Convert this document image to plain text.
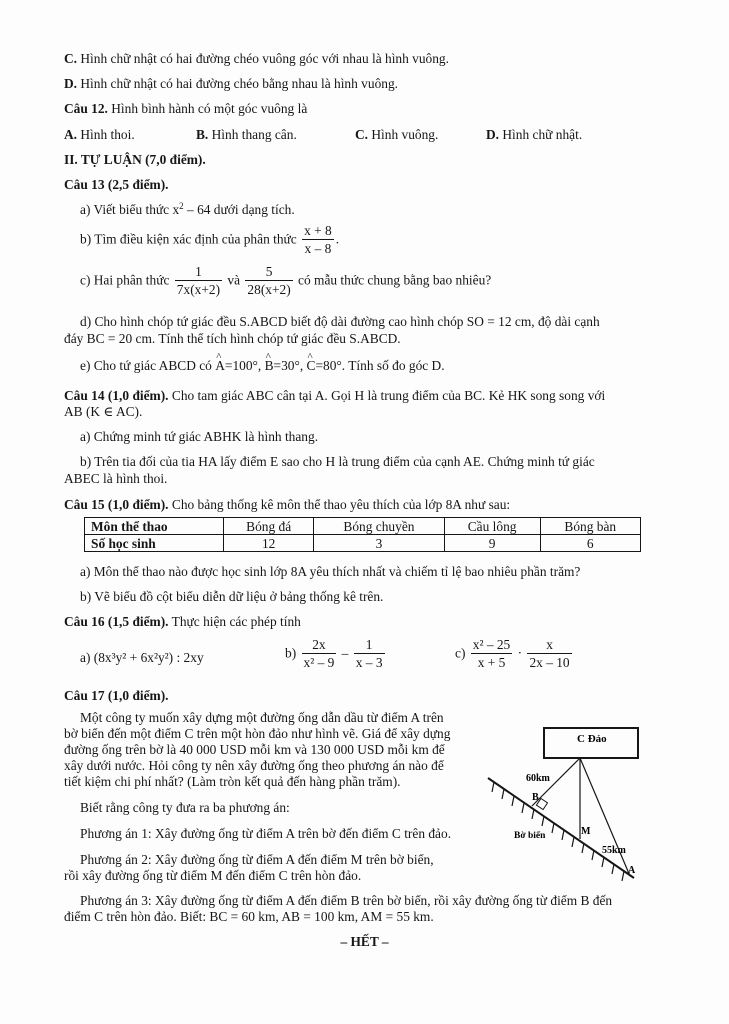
C. Hình chữ nhật có hai đường chéo vuông góc với nhau là hình vuông.
D. Hình chữ nhật có hai đường chéo bằng nhau là hình vuông.
Câu 12. Hình bình hành có một góc vuông là
A. Hình thoi.	B. Hình thang cân.	C. Hình vuông.	D. Hình chữ nhật.
II. TỰ LUẬN (7,0 điểm).
Câu 13 (2,5 điểm).
a) Viết biểu thức $x^2 - 64$ dưới dạng tích.
b) Tìm điều kiện xác định của phân thức $\frac{x + 8}{x - 8}$ .
c) Hai phân thức $\frac{1}{7x(x+2)}$ và $\frac{5}{28(x+2)}$ có mẫu thức chung bằng bao nhiêu?
d) Cho hình chóp tứ giác đều S.ABCD biết độ dài đường cao hình chóp SO = 12 cm, độ dài cạnh
đáy BC = 20 cm. Tính thể tích hình chóp tứ giác đều S.ABCD.
e) Cho tứ giác ABCD có ^ A=100°, ^ B=30°, ^ C=80°. Tính số đo góc D.
Câu 14 (1,0 điểm). Cho tam giác ABC cân tại A. Gọi H là trung điểm của BC. Kẻ HK song song với
AB (K ∈ AC).
a) Chứng minh tứ giác ABHK là hình thang.
b) Trên tia đối của tia HA lấy điểm E sao cho H là trung điểm của cạnh AE. Chứng minh tứ giác
ABEC là hình thoi.
Câu 15 (1,0 điểm). Cho bảng thống kê môn thể thao yêu thích của lớp 8A như sau:
Môn thể thao	Bóng đá	Bóng chuyền	Cầu lông	Bóng bàn
Số học sinh	12	3	9	6
a) Môn thể thao nào được học sinh lớp 8A yêu thích nhất và chiếm tỉ lệ bao nhiêu phần trăm?
b) Vẽ biểu đồ cột biểu diễn dữ liệu ở bảng thống kê trên.
Câu 16 (1,5 điểm). Thực hiện các phép tính
a) (8x³y² + 6x²y²) : 2xy	$b) \frac{2x}{\text{x² – 9}} - \frac{1}{x - 3}$	$c) \frac{\text{x² – 25}}{x + 5} \cdot \frac{x}{2x - 10}$
Câu 17 (1,0 điểm).
Một công ty muốn xây dựng một đường ống dẫn dầu từ điểm A trên
bờ biển đến một điểm C trên một hòn đảo như hình vẽ. Giá để xây dựng
đường ống trên bờ là 40 000 USD mỗi km và 130 000 USD mỗi km để
xây dưới nước. Hỏi công ty nên xây đường ống theo phương án nào để
tiết kiệm chi phí nhất? (Làm tròn kết quả đến hàng phần trăm).
Biết rằng công ty đưa ra ba phương án:
Phương án 1: Xây đường ống từ điểm A trên bờ đến điểm C trên đảo.
Phương án 2: Xây đường ống từ điểm A đến điểm M trên bờ biển,
rồi xây đường ống từ điểm M đến điểm C trên hòn đảo.
Phương án 3: Xây đường ống từ điểm A đến điểm B trên bờ biển, rồi xây đường ống từ điểm B đến
điểm C trên hòn đảo. Biết: BC = 60 km, AB = 100 km, AM = 55 km.
C Đảo
60km
B
Bờ biển	M
55km
A
– HẾT –
